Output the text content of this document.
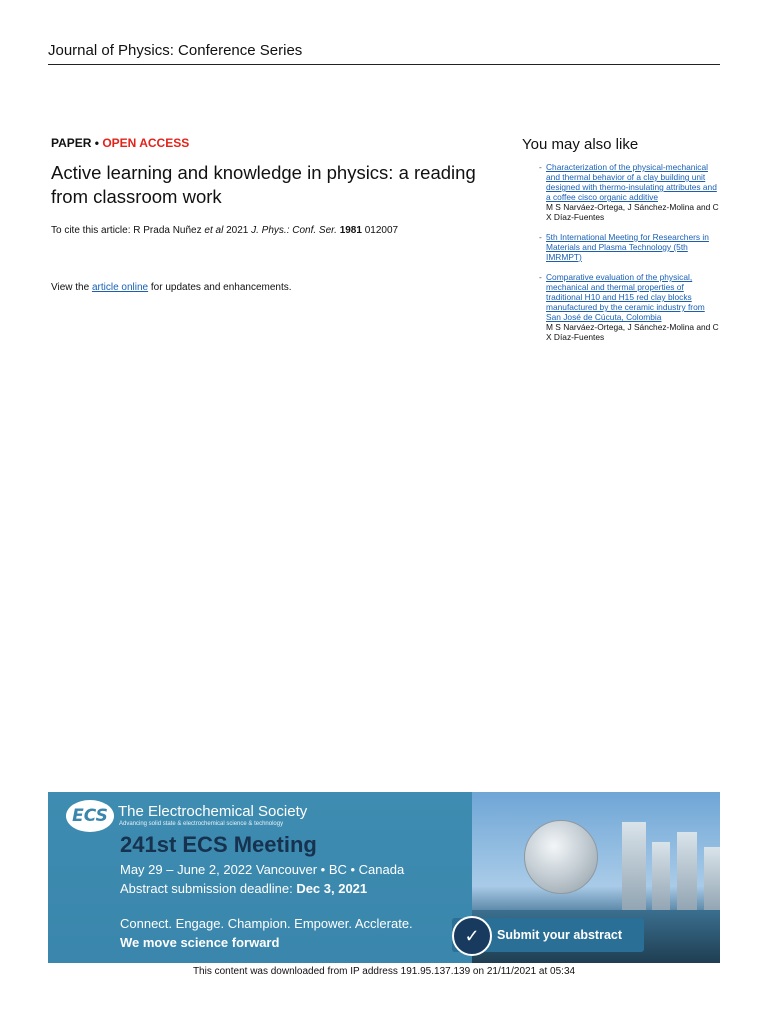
Journal of Physics: Conference Series
PAPER • OPEN ACCESS
Active learning and knowledge in physics: a reading from classroom work
To cite this article: R Prada Nuñez et al 2021 J. Phys.: Conf. Ser. 1981 012007
View the article online for updates and enhancements.
You may also like
- Characterization of the physical-mechanical and thermal behavior of a clay building unit designed with thermo-insulating attributes and a coffee cisco organic additive
M S Narváez-Ortega, J Sánchez-Molina and C X Díaz-Fuentes
- 5th International Meeting for Researchers in Materials and Plasma Technology (5th IMRMPT)
- Comparative evaluation of the physical, mechanical and thermal properties of traditional H10 and H15 red clay blocks manufactured by the ceramic industry from San José de Cúcuta, Colombia
M S Narváez-Ortega, J Sánchez-Molina and C X Díaz-Fuentes
ECS The Electrochemical Society
Advancing solid state & electrochemical science & technology
241st ECS Meeting
May 29 – June 2, 2022 Vancouver • BC • Canada
Abstract submission deadline: Dec 3, 2021
Connect. Engage. Champion. Empower. Acclerate.
We move science forward	✓	Submit your abstract
This content was downloaded from IP address 191.95.137.139 on 21/11/2021 at 05:34
